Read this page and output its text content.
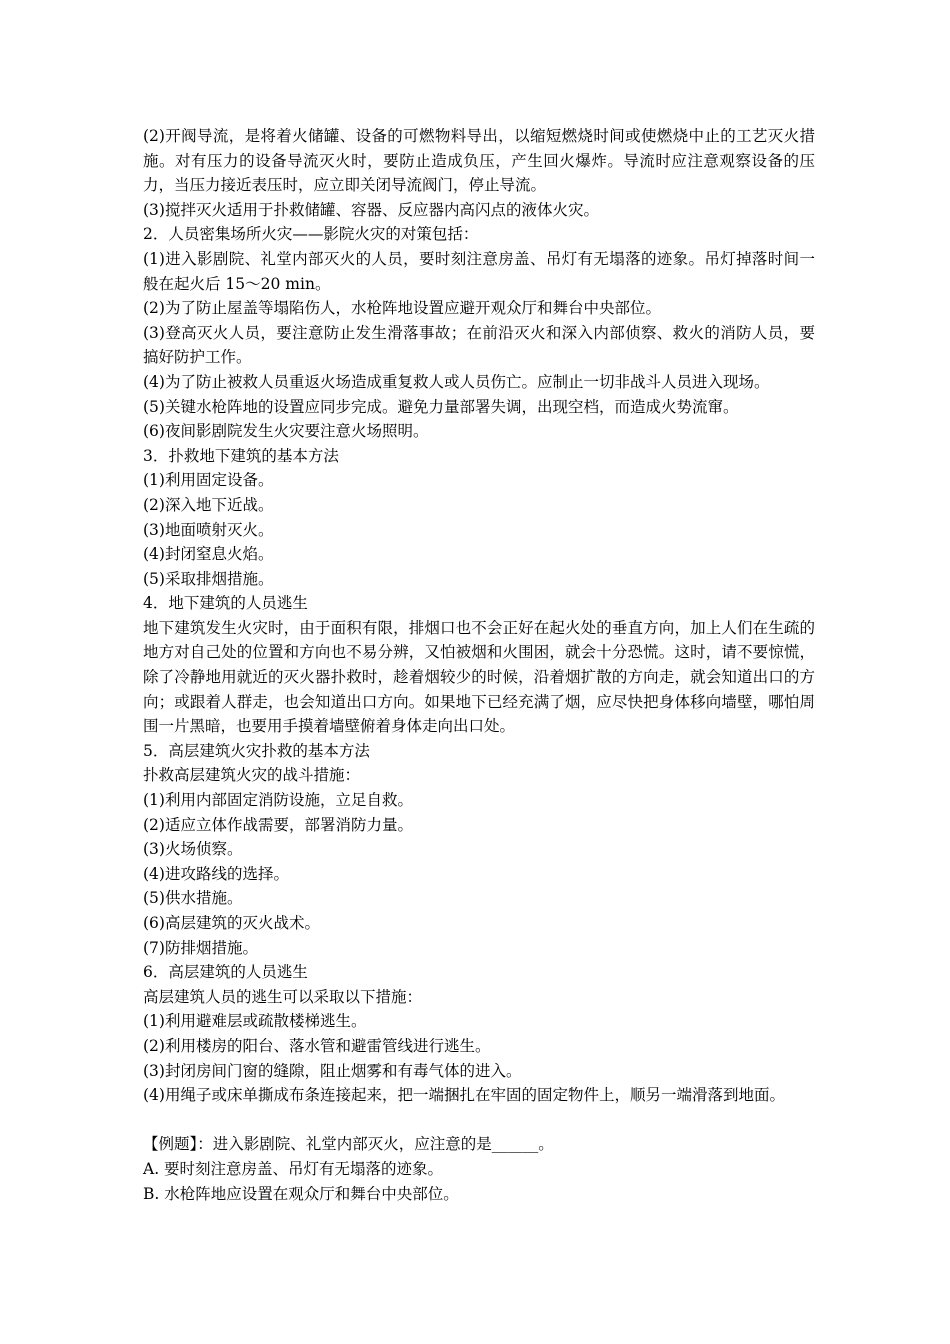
(2)开阀导流，是将着火储罐、设备的可燃物料导出，以缩短燃烧时间或使燃烧中止的工艺灭火措施。对有压力的设备导流灭火时，要防止造成负压，产生回火爆炸。导流时应注意观察设备的压力，当压力接近表压时，应立即关闭导流阀门，停止导流。

(3)搅拌灭火适用于扑救储罐、容器、反应器内高闪点的液体火灾。

2．人员密集场所火灾——影院火灾的对策包括：

(1)进入影剧院、礼堂内部灭火的人员，要时刻注意房盖、吊灯有无塌落的迹象。吊灯掉落时间一般在起火后 15～20 min。

(2)为了防止屋盖等塌陷伤人，水枪阵地设置应避开观众厅和舞台中央部位。

(3)登高灭火人员，要注意防止发生滑落事故；在前沿灭火和深入内部侦察、救火的消防人员，要搞好防护工作。

(4)为了防止被救人员重返火场造成重复救人或人员伤亡。应制止一切非战斗人员进入现场。

(5)关键水枪阵地的设置应同步完成。避免力量部署失调，出现空档，而造成火势流窜。

(6)夜间影剧院发生火灾要注意火场照明。

3．扑救地下建筑的基本方法

(1)利用固定设备。

(2)深入地下近战。

(3)地面喷射灭火。

(4)封闭窒息火焰。

(5)采取排烟措施。

4．地下建筑的人员逃生

地下建筑发生火灾时，由于面积有限，排烟口也不会正好在起火处的垂直方向，加上人们在生疏的地方对自己处的位置和方向也不易分辨，又怕被烟和火围困，就会十分恐慌。这时，请不要惊慌，除了冷静地用就近的灭火器扑救时，趁着烟较少的时候，沿着烟扩散的方向走，就会知道出口的方向；或跟着人群走，也会知道出口方向。如果地下已经充满了烟，应尽快把身体移向墙壁，哪怕周围一片黑暗，也要用手摸着墙壁俯着身体走向出口处。

5．高层建筑火灾扑救的基本方法

扑救高层建筑火灾的战斗措施：

(1)利用内部固定消防设施，立足自救。

(2)适应立体作战需要，部署消防力量。

(3)火场侦察。

(4)进攻路线的选择。

(5)供水措施。

(6)高层建筑的灭火战术。

(7)防排烟措施。

6．高层建筑的人员逃生

高层建筑人员的逃生可以采取以下措施：

(1)利用避难层或疏散楼梯逃生。

(2)利用楼房的阳台、落水管和避雷管线进行逃生。

(3)封闭房间门窗的缝隙，阻止烟雾和有毒气体的进入。

(4)用绳子或床单撕成布条连接起来，把一端捆扎在牢固的固定物件上，顺另一端滑落到地面。

【例题】：进入影剧院、礼堂内部灭火，应注意的是______。

A. 要时刻注意房盖、吊灯有无塌落的迹象。

B. 水枪阵地应设置在观众厅和舞台中央部位。
